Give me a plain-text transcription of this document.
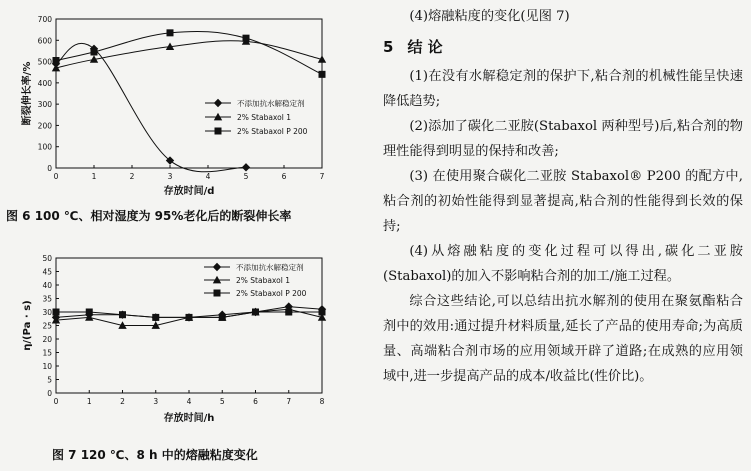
0
100
200
300
400
500
600
700
0	1	2	3	4	5	6	7
存放时间/d
断裂伸长率/%	不添加抗水解稳定剂
2% Stabaxol 1
2% Stabaxol P 200
图 6 100 ℃、相对湿度为 95%老化后的断裂伸长率
0
5
10
15
20
25
30
35
40
45
50
0	1	2	3	4	5	6	7	8
存放时间/h
η/(Pa · s)
不添加抗水解稳定剂
2% Stabaxol 1
2% Stabaxol P 200
图 7 120 ℃、8 h 中的熔融粘度变化

(4)熔融粘度的变化(见图 7)

5 结 论

(1)在没有水解稳定剂的保护下,粘合剂的机械性能呈快速降低趋势;

(2)添加了碳化二亚胺(Stabaxol 两种型号)后,粘合剂的物理性能得到明显的保持和改善;

(3) 在使用聚合碳化二亚胺 Stabaxol® P200 的配方中,粘合剂的初始性能得到显著提高,粘合剂的性能得到长效的保持;

(4)从熔融粘度的变化过程可以得出,碳化二亚胺(Stabaxol)的加入不影响粘合剂的加工/施工过程。

综合这些结论,可以总结出抗水解剂的使用在聚氨酯粘合剂中的效用:通过提升材料质量,延长了产品的使用寿命;为高质量、高端粘合剂市场的应用领域开辟了道路;在成熟的应用领域中,进一步提高产品的成本/收益比(性价比)。
